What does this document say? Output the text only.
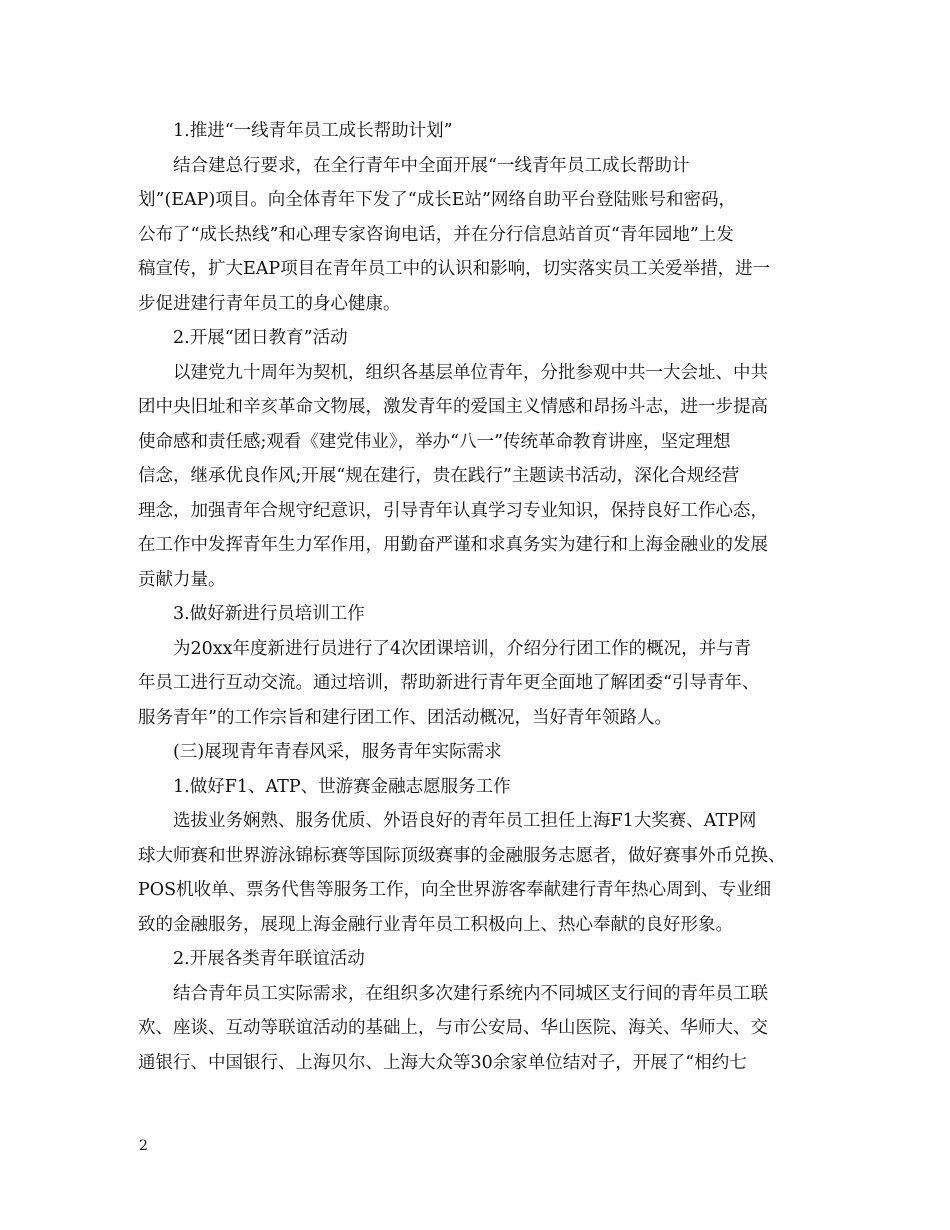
1.推进“一线青年员工成长帮助计划”
结合建总行要求，在全行青年中全面开展“一线青年员工成长帮助计
划”(EAP)项目。向全体青年下发了“成长E站”网络自助平台登陆账号和密码，
公布了“成长热线”和心理专家咨询电话，并在分行信息站首页“青年园地”上发
稿宣传，扩大EAP项目在青年员工中的认识和影响，切实落实员工关爱举措，进一
步促进建行青年员工的身心健康。
2.开展“团日教育”活动
以建党九十周年为契机，组织各基层单位青年，分批参观中共一大会址、中共
团中央旧址和辛亥革命文物展，激发青年的爱国主义情感和昂扬斗志，进一步提高
使命感和责任感;观看《建党伟业》，举办“八一”传统革命教育讲座，坚定理想
信念，继承优良作风;开展“规在建行，贵在践行”主题读书活动，深化合规经营
理念，加强青年合规守纪意识，引导青年认真学习专业知识，保持良好工作心态，
在工作中发挥青年生力军作用，用勤奋严谨和求真务实为建行和上海金融业的发展
贡献力量。
3.做好新进行员培训工作
为20xx年度新进行员进行了4次团课培训，介绍分行团工作的概况，并与青
年员工进行互动交流。通过培训，帮助新进行青年更全面地了解团委“引导青年、
服务青年”的工作宗旨和建行团工作、团活动概况，当好青年领路人。
(三)展现青年青春风采，服务青年实际需求
1.做好F1、ATP、世游赛金融志愿服务工作
选拔业务娴熟、服务优质、外语良好的青年员工担任上海F1大奖赛、ATP网
球大师赛和世界游泳锦标赛等国际顶级赛事的金融服务志愿者，做好赛事外币兑换、
POS机收单、票务代售等服务工作，向全世界游客奉献建行青年热心周到、专业细
致的金融服务，展现上海金融行业青年员工积极向上、热心奉献的良好形象。
2.开展各类青年联谊活动
结合青年员工实际需求，在组织多次建行系统内不同城区支行间的青年员工联
欢、座谈、互动等联谊活动的基础上，与市公安局、华山医院、海关、华师大、交
通银行、中国银行、上海贝尔、上海大众等30余家单位结对子，开展了“相约七
2
